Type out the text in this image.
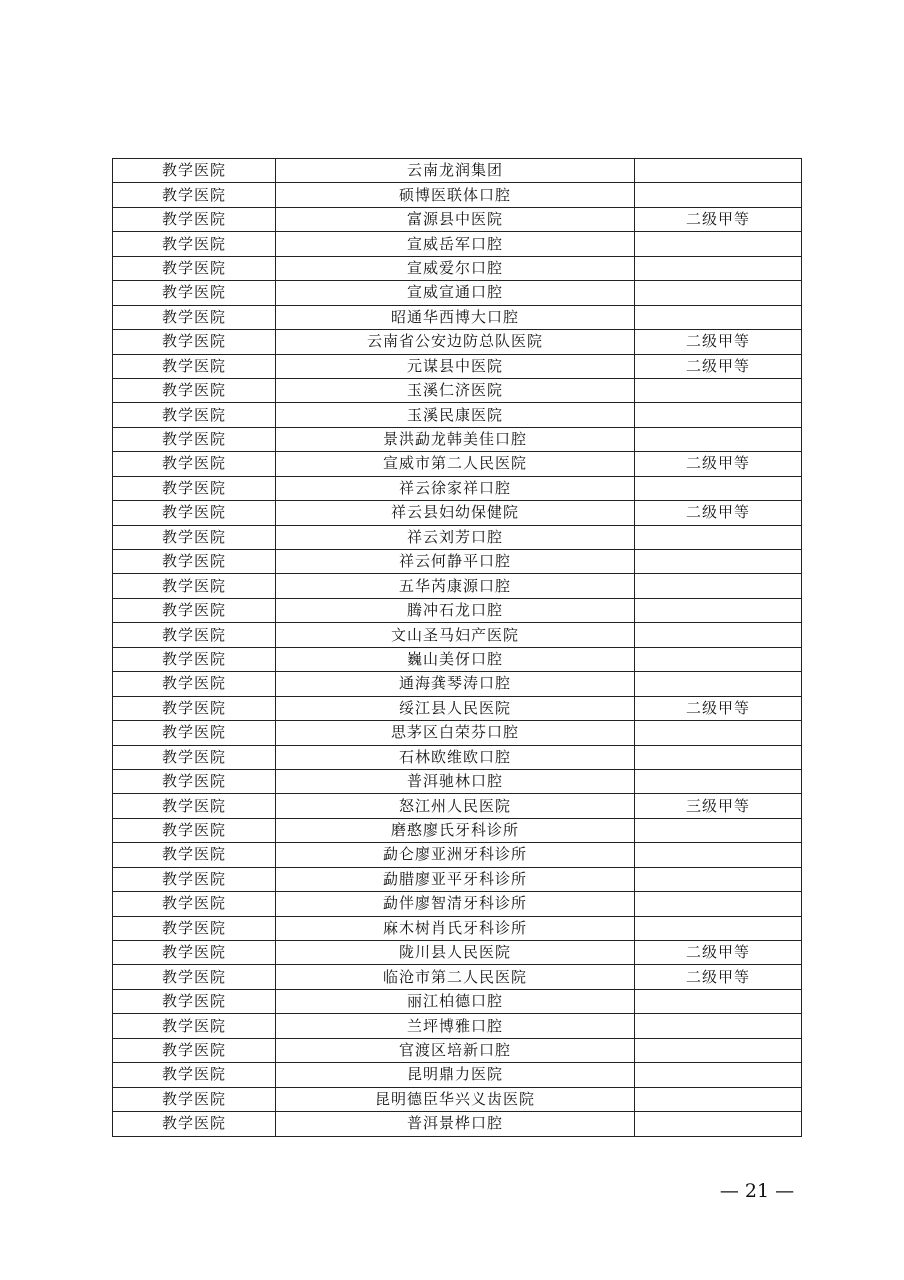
教学医院	云南龙润集团	
教学医院	硕博医联体口腔	
教学医院	富源县中医院	二级甲等
教学医院	宣威岳军口腔	
教学医院	宣威爱尔口腔	
教学医院	宣威宣通口腔	
教学医院	昭通华西博大口腔	
教学医院	云南省公安边防总队医院	二级甲等
教学医院	元谋县中医院	二级甲等
教学医院	玉溪仁济医院	
教学医院	玉溪民康医院	
教学医院	景洪勐龙韩美佳口腔	
教学医院	宣威市第二人民医院	二级甲等
教学医院	祥云徐家祥口腔	
教学医院	祥云县妇幼保健院	二级甲等
教学医院	祥云刘芳口腔	
教学医院	祥云何静平口腔	
教学医院	五华芮康源口腔	
教学医院	腾冲石龙口腔	
教学医院	文山圣马妇产医院	
教学医院	巍山美伢口腔	
教学医院	通海龚琴涛口腔	
教学医院	绥江县人民医院	二级甲等
教学医院	思茅区白荣芬口腔	
教学医院	石林欧维欧口腔	
教学医院	普洱驰林口腔	
教学医院	怒江州人民医院	三级甲等
教学医院	磨憨廖氏牙科诊所	
教学医院	勐仑廖亚洲牙科诊所	
教学医院	勐腊廖亚平牙科诊所	
教学医院	勐伴廖智清牙科诊所	
教学医院	麻木树肖氏牙科诊所	
教学医院	陇川县人民医院	二级甲等
教学医院	临沧市第二人民医院	二级甲等
教学医院	丽江柏德口腔	
教学医院	兰坪博雅口腔	
教学医院	官渡区培新口腔	
教学医院	昆明鼎力医院	
教学医院	昆明德臣华兴义齿医院	
教学医院	普洱景桦口腔	
— 21 —
